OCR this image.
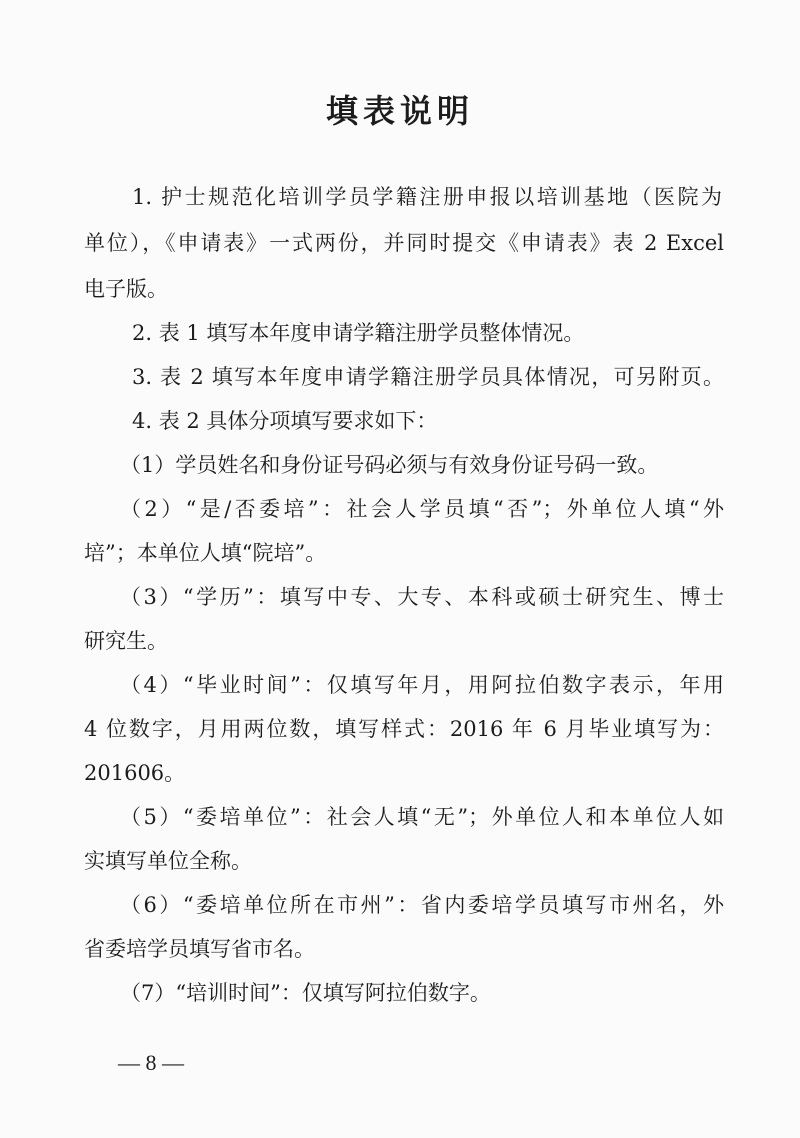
填表说明

1. 护士规范化培训学员学籍注册申报以培训基地（医院为

单位），《申请表》一式两份，并同时提交《申请表》表 2 Excel

电子版。

2. 表 1 填写本年度申请学籍注册学员整体情况。

3. 表 2 填写本年度申请学籍注册学员具体情况，可另附页。

4. 表 2 具体分项填写要求如下：

（1）学员姓名和身份证号码必须与有效身份证号码一致。

（2）“是/否委培”：社会人学员填“否”；外单位人填“外

培”；本单位人填“院培”。

（3）“学历”：填写中专、大专、本科或硕士研究生、博士

研究生。

（4）“毕业时间”：仅填写年月，用阿拉伯数字表示，年用

4 位数字，月用两位数，填写样式：2016 年 6 月毕业填写为：

201606。

（5）“委培单位”：社会人填“无”；外单位人和本单位人如

实填写单位全称。

（6）“委培单位所在市州”：省内委培学员填写市州名，外

省委培学员填写省市名。

（7）“培训时间”：仅填写阿拉伯数字。

— 8 —
